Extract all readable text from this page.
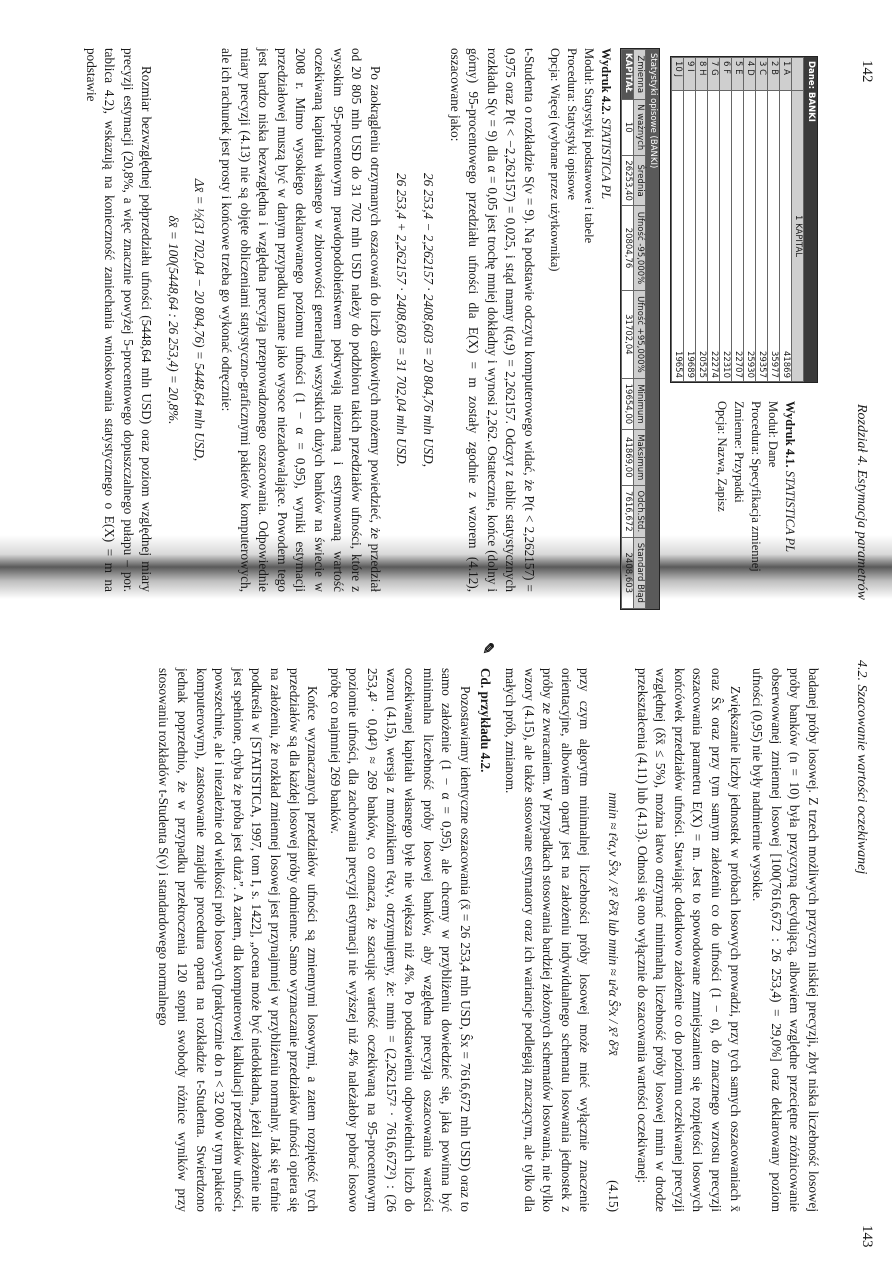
142
Rozdział 4. Estymacja parametrów
Dane: BANKI
	1 KAPITAL
1 A	41869
2 B	35977
3 C	29357
4 D	25930
5 E	22707
6 F	22310
7 G	22274
8 H	20525
9 I	19689
10 J	19654
Wydruk 4.1. STATISTICA PL
Moduł: Dane
Procedura: Specyfikacja zmiennej
Zmienne: Przypadki
Opcja: Nazwa, Zapisz
Statystyki opisowe (BANKI)
Zmienna	N ważnych	Średnia	Ufność -95,000%	Ufność +95,000%	Minimum	Maksimum	Odch.Std.	Standard Błąd
KAPITAŁ	10	26253,40	20804,76	31702,04	19654,00	41869,00	7616,672	2408,603
Wydruk 4.2. STATISTICA PL
Moduł: Statystyki podstawowe i tabele
Procedura: Statystyki opisowe
Opcja: Więcej (wybrane przez użytkownika)

t-Studenta o rozkładzie S(ν = 9). Na podstawie odczytu komputerowego widać, że P(t < 2,262157) = 0,975 oraz P(t < −2,262157) = 0,025, i stąd mamy t(α,9) = 2,262157. Odczyt z tablic statystycznych rozkładu S(ν = 9) dla α = 0,05 jest trochę mniej dokładny i wynosi 2,262. Ostatecznie, końce (dolny i górny) 95-procentowego przedziału ufności dla E(X) = m zostały zgodnie z wzorem (4.12), oszacowane jako:

26 253,4 − 2,262157 · 2408,603 = 20 804,76 mln USD,
26 253,4 + 2,262157 · 2408,603 = 31 702,04 mln USD.

Po zaokrągleniu otrzymanych oszacowań do liczb całkowitych możemy powiedzieć, że przedział od 20 805 mln USD do 31 702 mln USD należy do podzbioru takich przedziałów ufności, które z wysokim 95-procentowym prawdopodobieństwem pokrywają nieznaną i estymowaną wartość oczekiwaną kapitału własnego w zbiorowości generalnej wszystkich dużych banków na świecie w 2008 r. Mimo wysokiego deklarowanego poziomu ufności (1 − α = 0,95), wyniki estymacji przedziałowej muszą być w danym przypadku uznane jako wysoce niezadowalające. Powodem tego jest bardzo niska bezwzględna i względna precyzja przeprowadzonego oszacowania. Odpowiednie miary precyzji (4.13) nie są objęte obliczeniami statystyczno-graficznymi pakietów komputerowych, ale ich rachunek jest prosty i końcowe trzeba go wykonać odręcznie:

Δx̄ = ½(31 702,04 − 20 804,76) = 5448,64 mln USD,
δx̄ = 100(5448,64 : 26 253,4) = 20,8%.

Rozmiar bezwzględnej połprzedziału ufności (5448,64 mln USD) oraz poziom względnej miary precyzji estymacji (20,8%, a więc znacznie powyżej 5-procentowego dopuszczalnego pułapu – por. tablica 4.2), wskazują na konieczność zaniechania wnioskowania statystycznego o E(X) = m na podstawie

143
4.2. Szacowanie wartości oczekiwanej

badanej próby losowej. Z trzech możliwych przyczyn niskiej precyzji, zbyt niska liczebność losowej próby banków (n = 10) była przyczyną decydującą, albowiem względne przeciętne zróżnicowanie obserwowanej zmiennej losowej [100(7616,672 : 26 253,4) = 29,0%] oraz deklarowany poziom ufności (0,95) nie były nadmiernie wysokie.

Zwiększanie liczby jednostek w próbach losowych prowadzi, przy tych samych oszacowaniach x̄ oraz Ŝx oraz przy tym samym założeniu co do ufności (1 − α), do znacznego wzrostu precyzji oszacowania parametru E(X) = m. Jest to spowodowane zmniejszaniem się rozpiętości losowych końcówek przedziałów ufności. Stawiając dodatkowo założenie co do poziomu oczekiwanej precyzji względnej (δx̄ ≤ 5%), można łatwo otrzymać minimalną liczebność próby losowej nmin w drodze przekształcenia (4.11) lub (4.13). Odnosi się ono wyłącznie do szacowania wartości oczekiwanej:

nmin ≈ t²α,ν Ŝ²x / x̄² δ²x̄ lub nmin ≈ u²α Ŝ²x / x̄² δ²x̄
(4.15)

przy czym algorytm minimalnej liczebności próby losowej może mieć wyłącznie znaczenie orientacyjne, albowiem oparty jest na założeniu indywidualnego schematu losowania jednostek z próby ze zwracaniem. W przypadkach stosowania bardziej złożonych schematów losowania, nie tylko wzory (4.15), ale także stosowane estymatory oraz ich wariancje podlegają znaczącym, ale tylko dla małych prób, zmianom.

✎
Cd. przykładu 4.2.

Pozostawiamy identyczne oszacowania (x̄ = 26 253,4 mln USD, Ŝx = 7616,672 mln USD) oraz to samo założenie (1 − α = 0,95), ale chcemy w przybliżeniu dowiedzieć się, jaka powinna być minimalna liczebność próby losowej banków, aby względna precyzja oszacowania wartości oczekiwanej kapitału własnego byłe nie większa niż 4%. Po podstawieniu odpowiednich liczb do wzoru (4.15), wersja z mnożnikiem t²α,ν, otrzymujemy, że: nmin = (2,262157² · 7616,672²) : (26 253,4² · 0,04²) ≈ 269 banków, co oznacza, że szacując wartość oczekiwaną na 95-procentowym poziomie ufności, dla zachowania precyzji estymacji nie wyższej niż 4% należałoby pobrać losowo próbę co najmniej 269 banków.

Końce wyznaczanych przedziałów ufności są zmiennymi losowymi, a zatem rozpiętość tych przedziałów są dla każdej losowej próby odmienne. Samo wyznaczanie przedziałów ufności opiera się na założeniu, że rozkład zmiennej losowej jest przynajmniej w przybliżeniu normalny. Jak się trafnie podkreśla w [STATISTICA, 1997, tom I, s. 1422], „ocena może być niedokładna, jeżeli założenie nie jest spełnione, chyba że próba jest duża”. A zatem, dla komputerowej kalkulacji przedziałów ufności, powszechnie, ale i niezależnie od wielkości prób losowych (praktycznie do n < 32 000 w tym pakiecie komputerowym), zastosowanie znajduje procedura oparta na rozkładzie t-Studenta. Stwierdzono jednak poprzednio, że w przypadku przekroczenia 120 stopni swobody różnice wyników przy stosowaniu rozkładów t-Studenta S(ν) i standardowego normalnego
